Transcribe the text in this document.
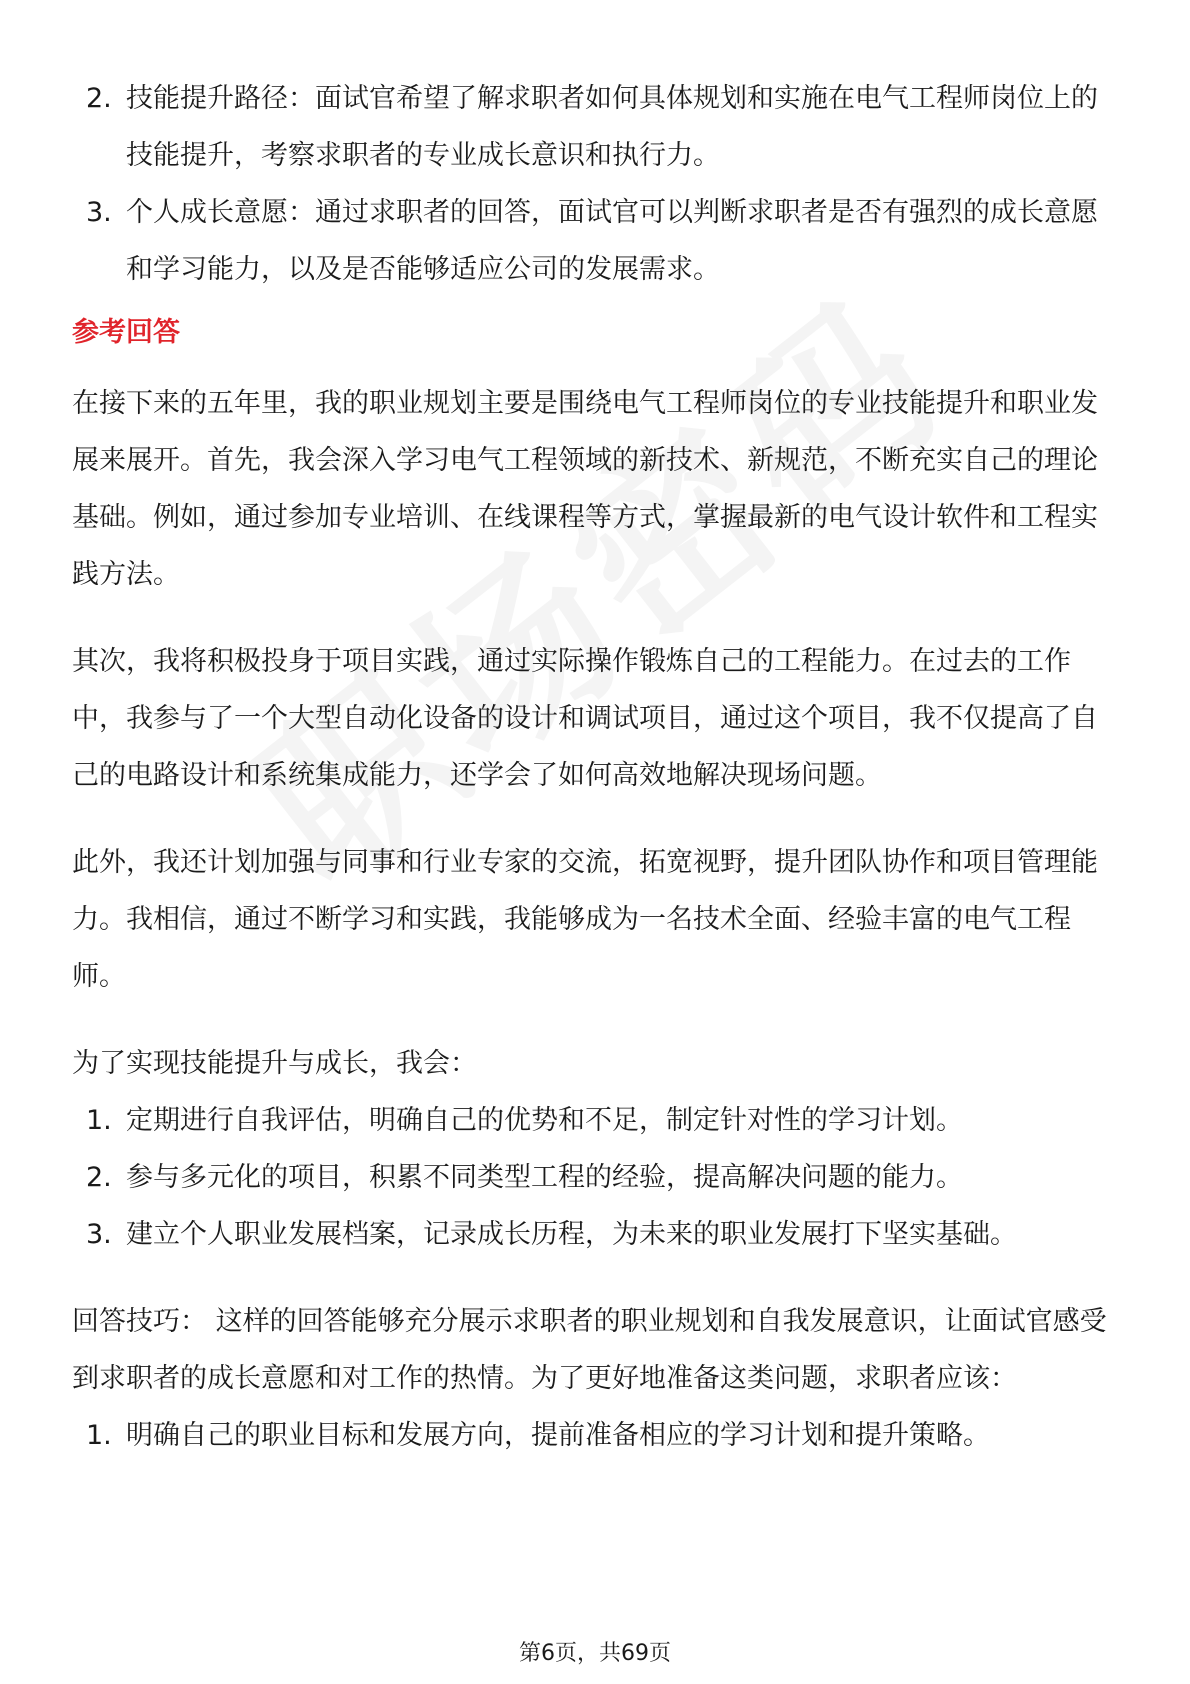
2. 技能提升路径：面试官希望了解求职者如何具体规划和实施在电气工程师岗位上的技能提升，考察求职者的专业成长意识和执行力。
3. 个人成长意愿：通过求职者的回答，面试官可以判断求职者是否有强烈的成长意愿和学习能力，以及是否能够适应公司的发展需求。
参考回答

在接下来的五年里，我的职业规划主要是围绕电气工程师岗位的专业技能提升和职业发展来展开。首先，我会深入学习电气工程领域的新技术、新规范，不断充实自己的理论基础。例如，通过参加专业培训、在线课程等方式，掌握最新的电气设计软件和工程实践方法。

其次，我将积极投身于项目实践，通过实际操作锻炼自己的工程能力。在过去的工作中，我参与了一个大型自动化设备的设计和调试项目，通过这个项目，我不仅提高了自己的电路设计和系统集成能力，还学会了如何高效地解决现场问题。

此外，我还计划加强与同事和行业专家的交流，拓宽视野，提升团队协作和项目管理能力。我相信，通过不断学习和实践，我能够成为一名技术全面、经验丰富的电气工程师。

为了实现技能提升与成长，我会：

1. 定期进行自我评估，明确自己的优势和不足，制定针对性的学习计划。
2. 参与多元化的项目，积累不同类型工程的经验，提高解决问题的能力。
3. 建立个人职业发展档案，记录成长历程，为未来的职业发展打下坚实基础。

回答技巧： 这样的回答能够充分展示求职者的职业规划和自我发展意识，让面试官感受到求职者的成长意愿和对工作的热情。为了更好地准备这类问题，求职者应该：

1. 明确自己的职业目标和发展方向，提前准备相应的学习计划和提升策略。
第6页，共69页
